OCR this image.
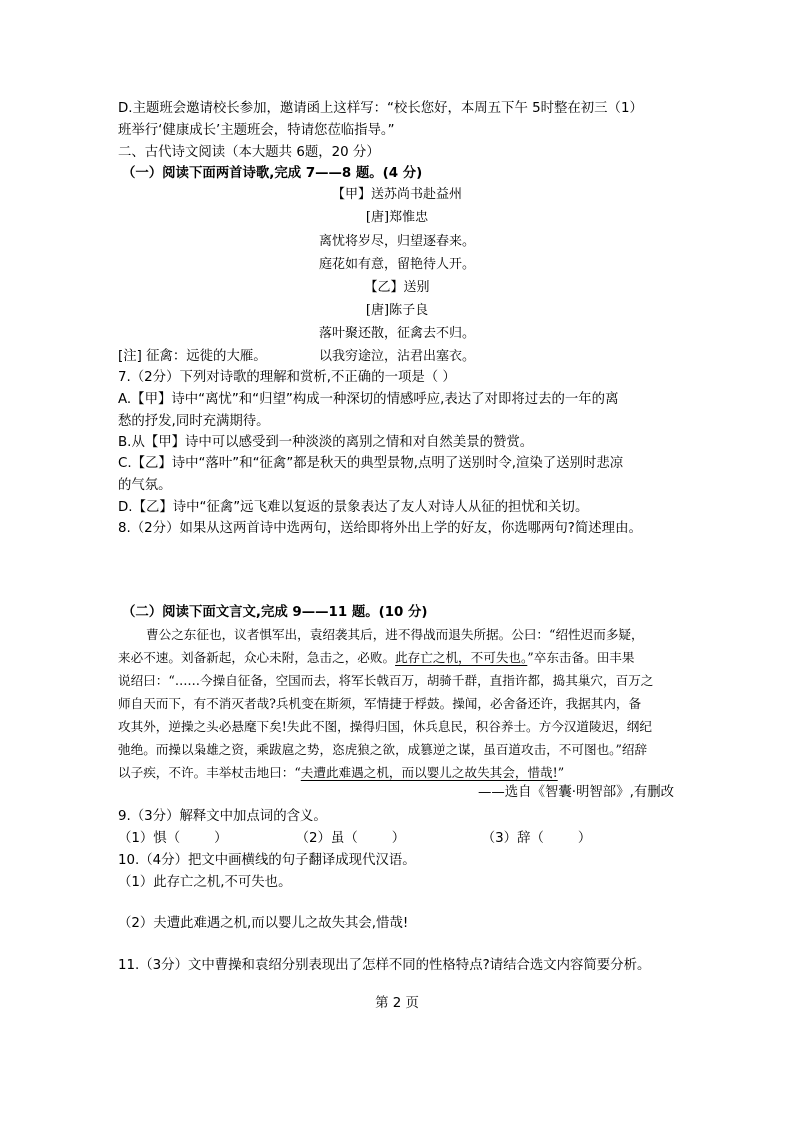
D.主题班会邀请校长参加，邀请函上这样写：“校长您好，本周五下午 5时整在初三（1）
班举行‘健康成长’主题班会，特请您莅临指导。”
二、古代诗文阅读（本大题共 6题，20 分）
（一）阅读下面两首诗歌,完成 7——8 题。(4 分)
【甲】送苏尚书赴益州
[唐]郑惟忠
离忧将岁尽，归望逐春来。
庭花如有意，留艳待人开。
【乙】送别
[唐]陈子良
落叶聚还散，征禽去不归。
以我穷途泣，沾君出塞衣。
[注] 征禽：远徙的大雁。
7.（2分）下列对诗歌的理解和赏析,不正确的一项是（ ）
A.【甲】诗中“离忧”和“归望”构成一种深切的情感呼应,表达了对即将过去的一年的离
愁的抒发,同时充满期待。
B.从【甲】诗中可以感受到一种淡淡的离别之情和对自然美景的赞赏。
C.【乙】诗中“落叶”和“征禽”都是秋天的典型景物,点明了送别时令,渲染了送别时悲凉
的气氛。
D.【乙】诗中“征禽”远飞难以复返的景象表达了友人对诗人从征的担忧和关切。
8.（2分）如果从这两首诗中选两句，送给即将外出上学的好友，你选哪两句?简述理由。
（二）阅读下面文言文,完成 9——11 题。(10 分)
曹公之东征也，议者惧军出，袁绍袭其后，进不得战而退失所据。公曰：“绍性迟而多疑，
来必不速。刘备新起，众心未附，急击之，必败。此存亡之机，不可失也。”卒东击备。田丰果
说绍曰：“……今操自征备，空国而去，将军长戟百万，胡骑千群，直指许都，捣其巢穴，百万之
师自天而下，有不消灭者哉?兵机变在斯须，军情捷于桴鼓。操闻，必舍备还许，我据其内，备
攻其外，逆操之头必悬麾下矣!失此不图，操得归国，休兵息民，积谷养士。方今汉道陵迟，纲纪
弛绝。而操以枭雄之资，乘跋扈之势，恣虎狼之欲，成篡逆之谋，虽百道攻击，不可图也。”绍辞
以子疾，不许。丰举杖击地曰：“夫遭此难遇之机，而以婴儿之故失其会，惜哉!”
——选自《智囊·明智部》,有删改
9.（3分）解释文中加点词的含义。
（1）惧（        ）                （2）虽（        ）                  （3）辞（        ）
10.（4分）把文中画横线的句子翻译成现代汉语。
（1）此存亡之机,不可失也。
（2）夫遭此难遇之机,而以婴儿之故失其会,惜哉!
11.（3分）文中曹操和袁绍分别表现出了怎样不同的性格特点?请结合选文内容简要分析。
第 2 页
